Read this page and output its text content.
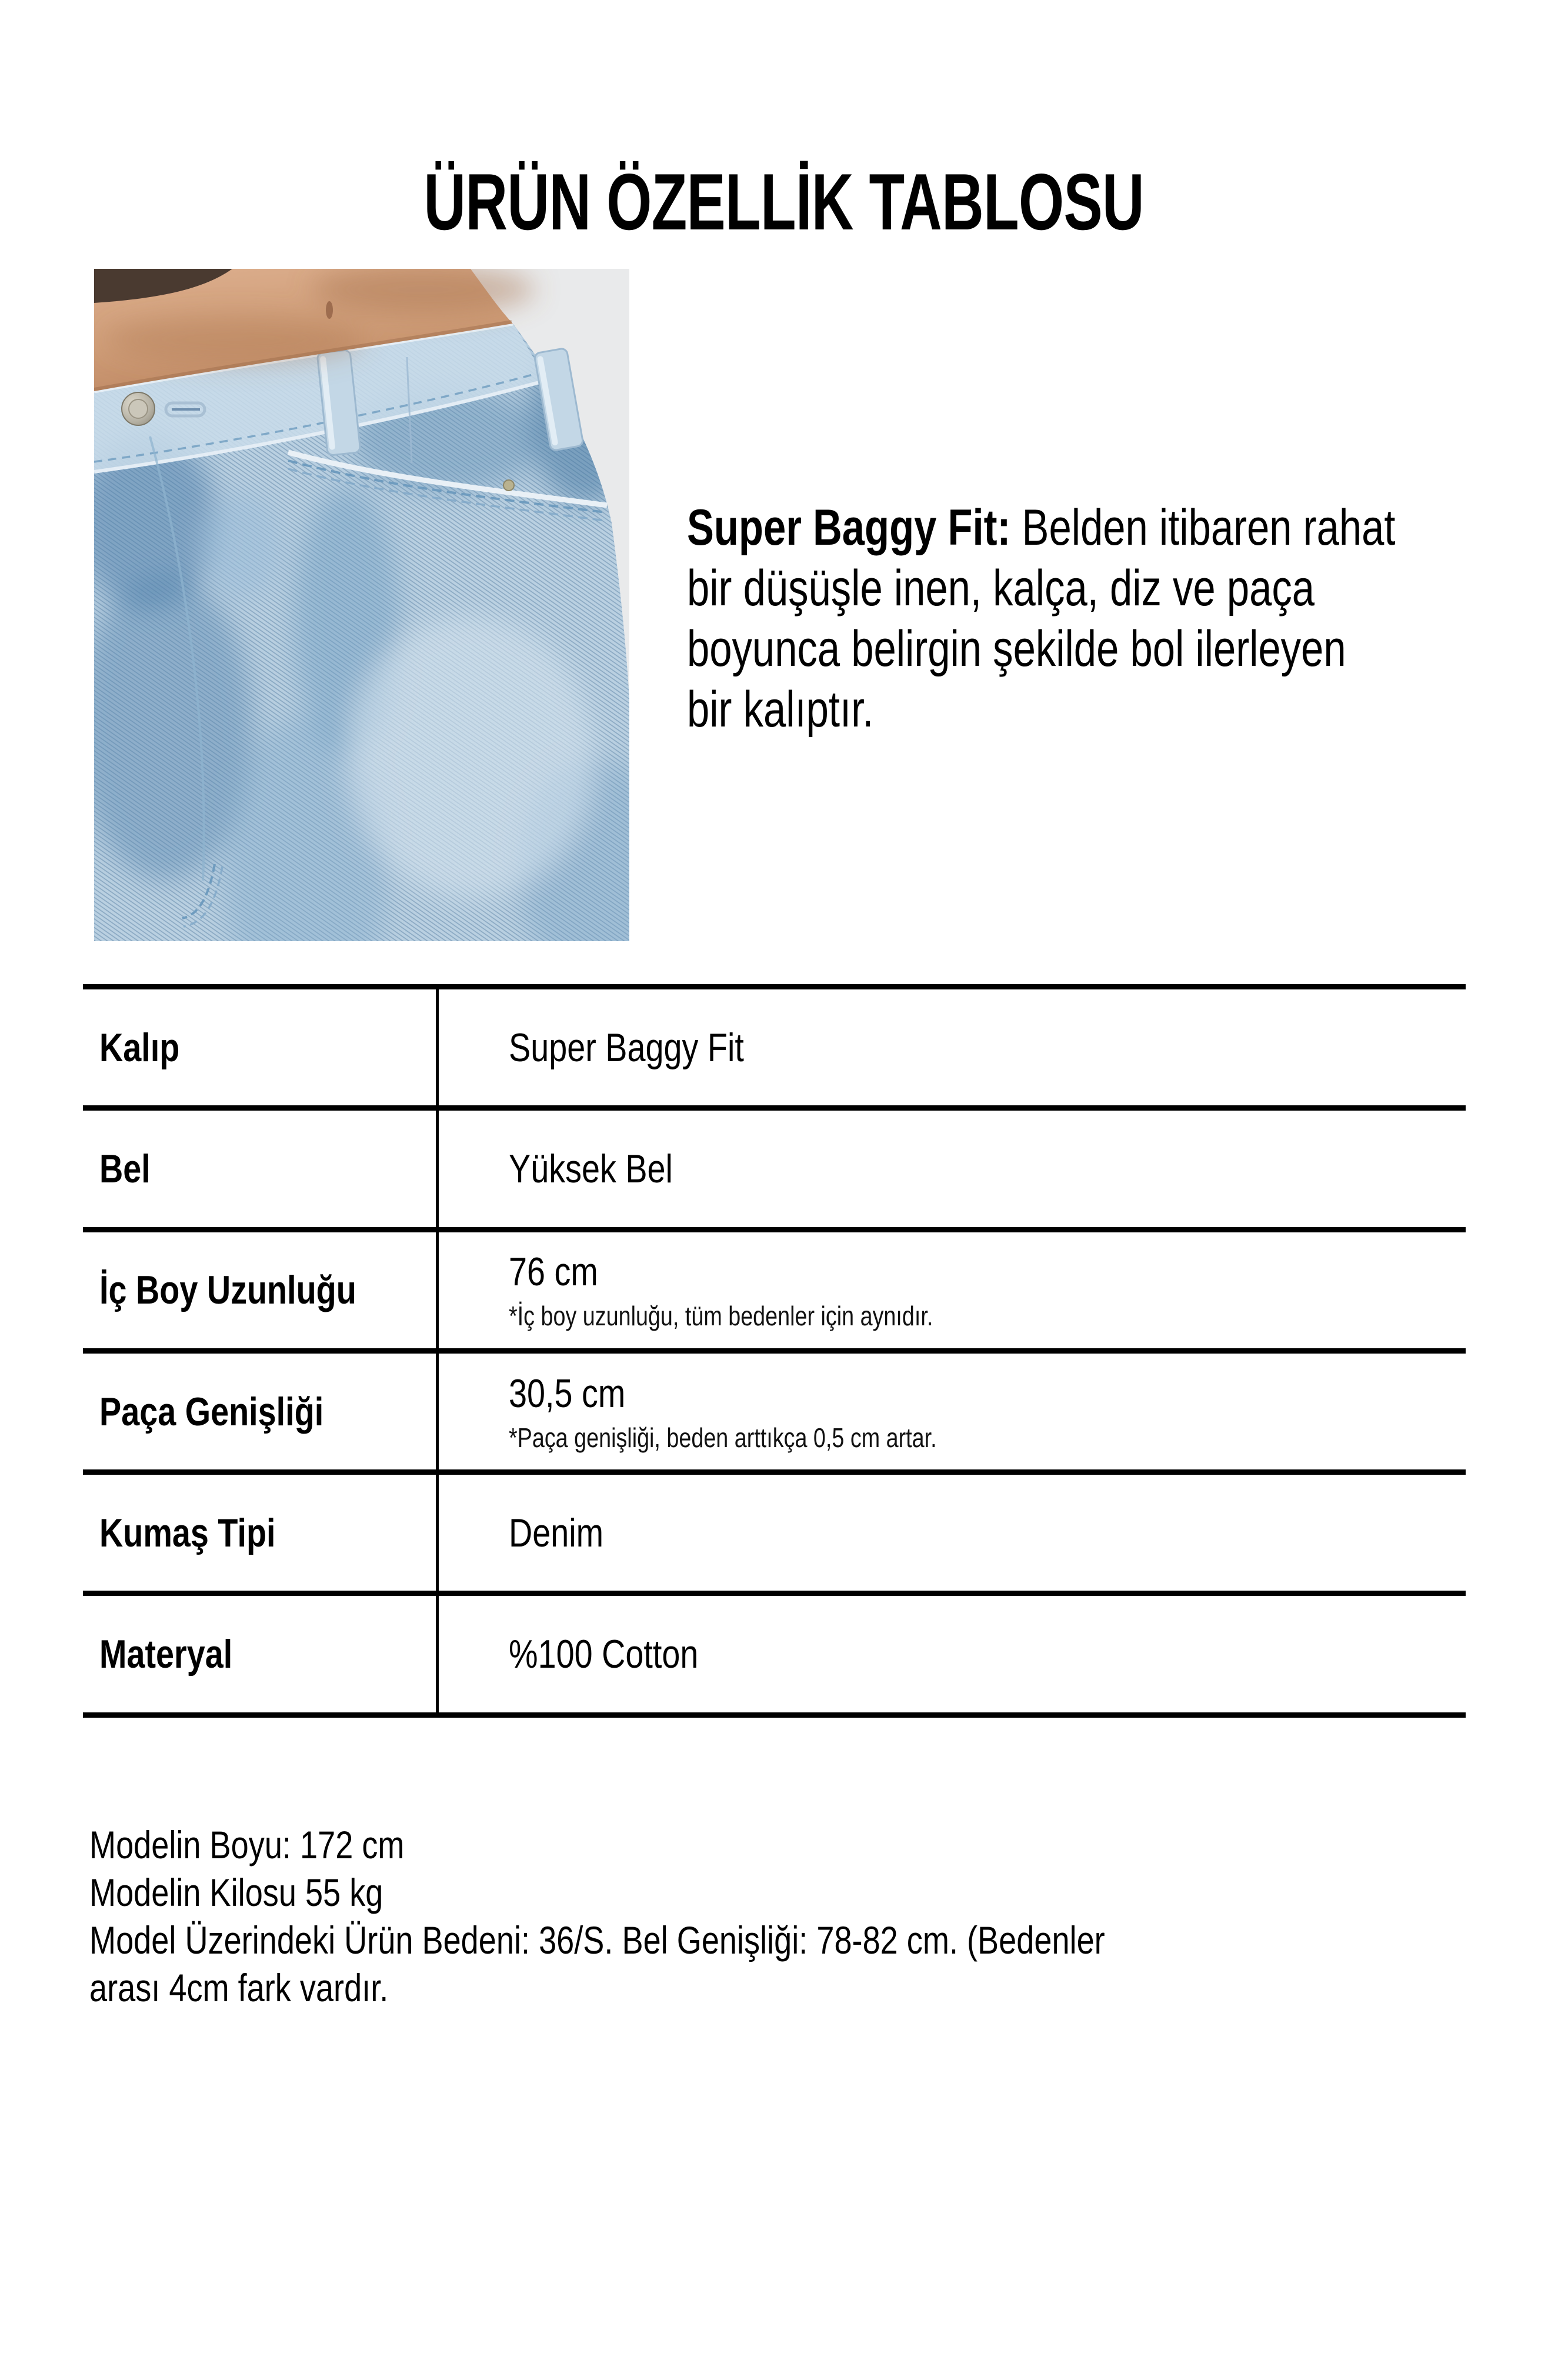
ÜRÜN ÖZELLİK TABLOSU
Super Baggy Fit: Belden itibaren rahat
bir düşüşle inen, kalça, diz ve paça
boyunca belirgin şekilde bol ilerleyen
bir kalıptır.
Kalıp	Super Baggy Fit
Bel	Yüksek Bel
İç Boy Uzunluğu	76 cm
*İç boy uzunluğu, tüm bedenler için aynıdır.
Paça Genişliği	30,5 cm
*Paça genişliği, beden arttıkça 0,5 cm artar.
Kumaş Tipi	Denim
Materyal	%100 Cotton
Modelin Boyu: 172 cm
Modelin Kilosu 55 kg
Model Üzerindeki Ürün Bedeni: 36/S. Bel Genişliği: 78-82 cm. (Bedenler
arası 4cm fark vardır.
